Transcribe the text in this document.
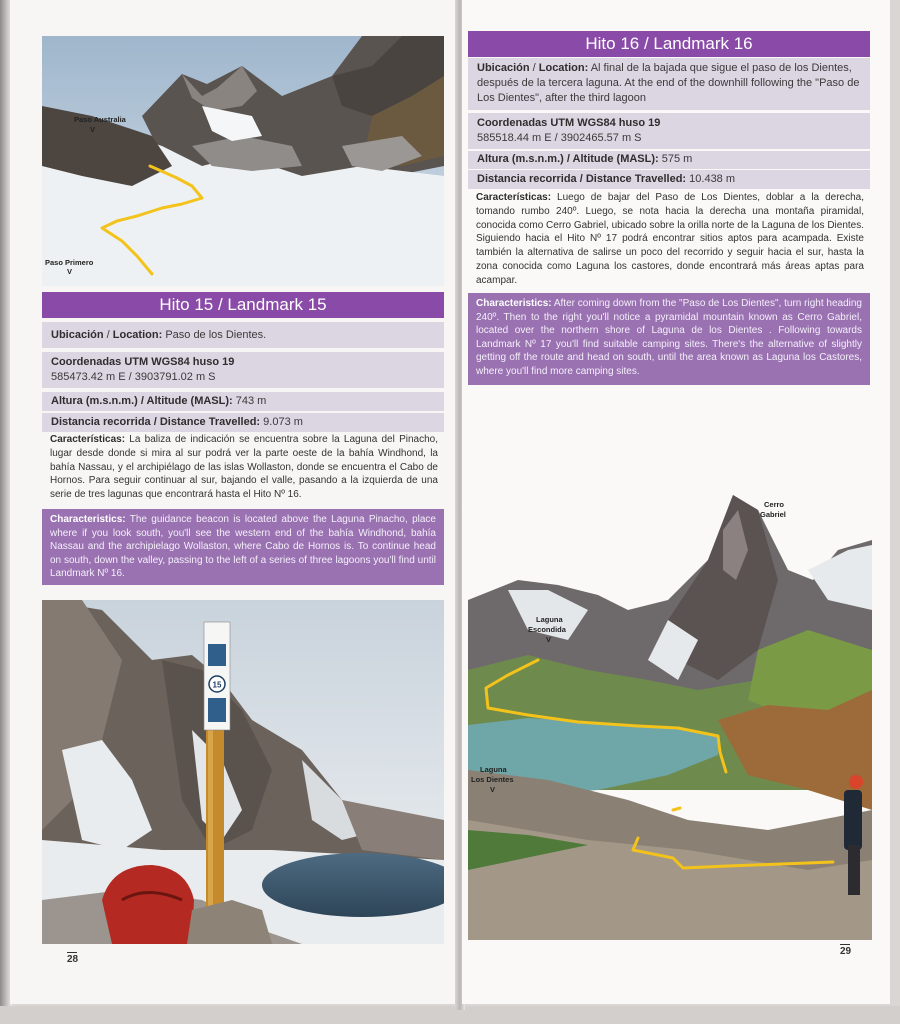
Paso Australia
V
Paso Primero
V
Hito 15 / Landmark 15
Ubicación / Location: Paso de los Dientes.
Coordenadas UTM WGS84 huso 19
585473.42 m E / 3903791.02 m S
Altura (m.s.n.m.) / Altitude (MASL): 743 m
Distancia recorrida / Distance Travelled: 9.073 m
Características: La baliza de indicación se encuentra sobre la Laguna del Pinacho, lugar desde donde si mira al sur podrá ver la parte oeste de la bahía Windhond, la bahía Nassau, y el archipiélago de las islas Wollaston, donde se encuentra el Cabo de Hornos. Para seguir continuar al sur, bajando el valle, pasando a la izquierda de una serie de tres lagunas que encontrará hasta el Hito Nº 16.
Characteristics: The guidance beacon is located above the Laguna Pinacho, place where if you look south, you'll see the western end of the bahía Windhond, bahía Nassau and the archipielago Wollaston, where Cabo de Hornos is. To continue head on south, down the valley, passing to the left of a series of three lagoons you'll find until Landmark Nº 16.
15
28
Hito 16 / Landmark 16
Ubicación / Location: Al final de la bajada que sigue el paso de los Dientes, después de la tercera laguna. At the end of the downhill following the "Paso de Los Dientes", after the third lagoon
Coordenadas UTM WGS84 huso 19
585518.44 m E / 3902465.57 m S
Altura (m.s.n.m.) / Altitude (MASL): 575 m
Distancia recorrida / Distance Travelled: 10.438 m
Características: Luego de bajar del Paso de Los Dientes, doblar a la derecha, tomando rumbo 240º. Luego, se nota hacia la derecha una montaña piramidal, conocida como Cerro Gabriel, ubicado sobre la orilla norte de la Laguna de los Dientes. Siguiendo hacia el Hito Nº 17 podrá encontrar sitios aptos para acampada. Existe también la alternativa de salirse un poco del recorrido y seguir hacia el sur, hasta la zona conocida como Laguna los castores, donde encontrará más áreas aptas para acampar.
Characteristics: After coming down from the "Paso de Los Dientes", turn right heading 240º. Then to the right you'll notice a pyramidal mountain known as Cerro Gabriel, located over the northern shore of Laguna de los Dientes . Following towards Landmark Nº 17 you'll find suitable camping sites. There's the alternative of slightly getting off the route and head on south, until the area known as Laguna los Castores, where you'll find more camping sites.
Cerro
Gabriel
Laguna
Escondida
V
Laguna
Los Dientes
V
29
